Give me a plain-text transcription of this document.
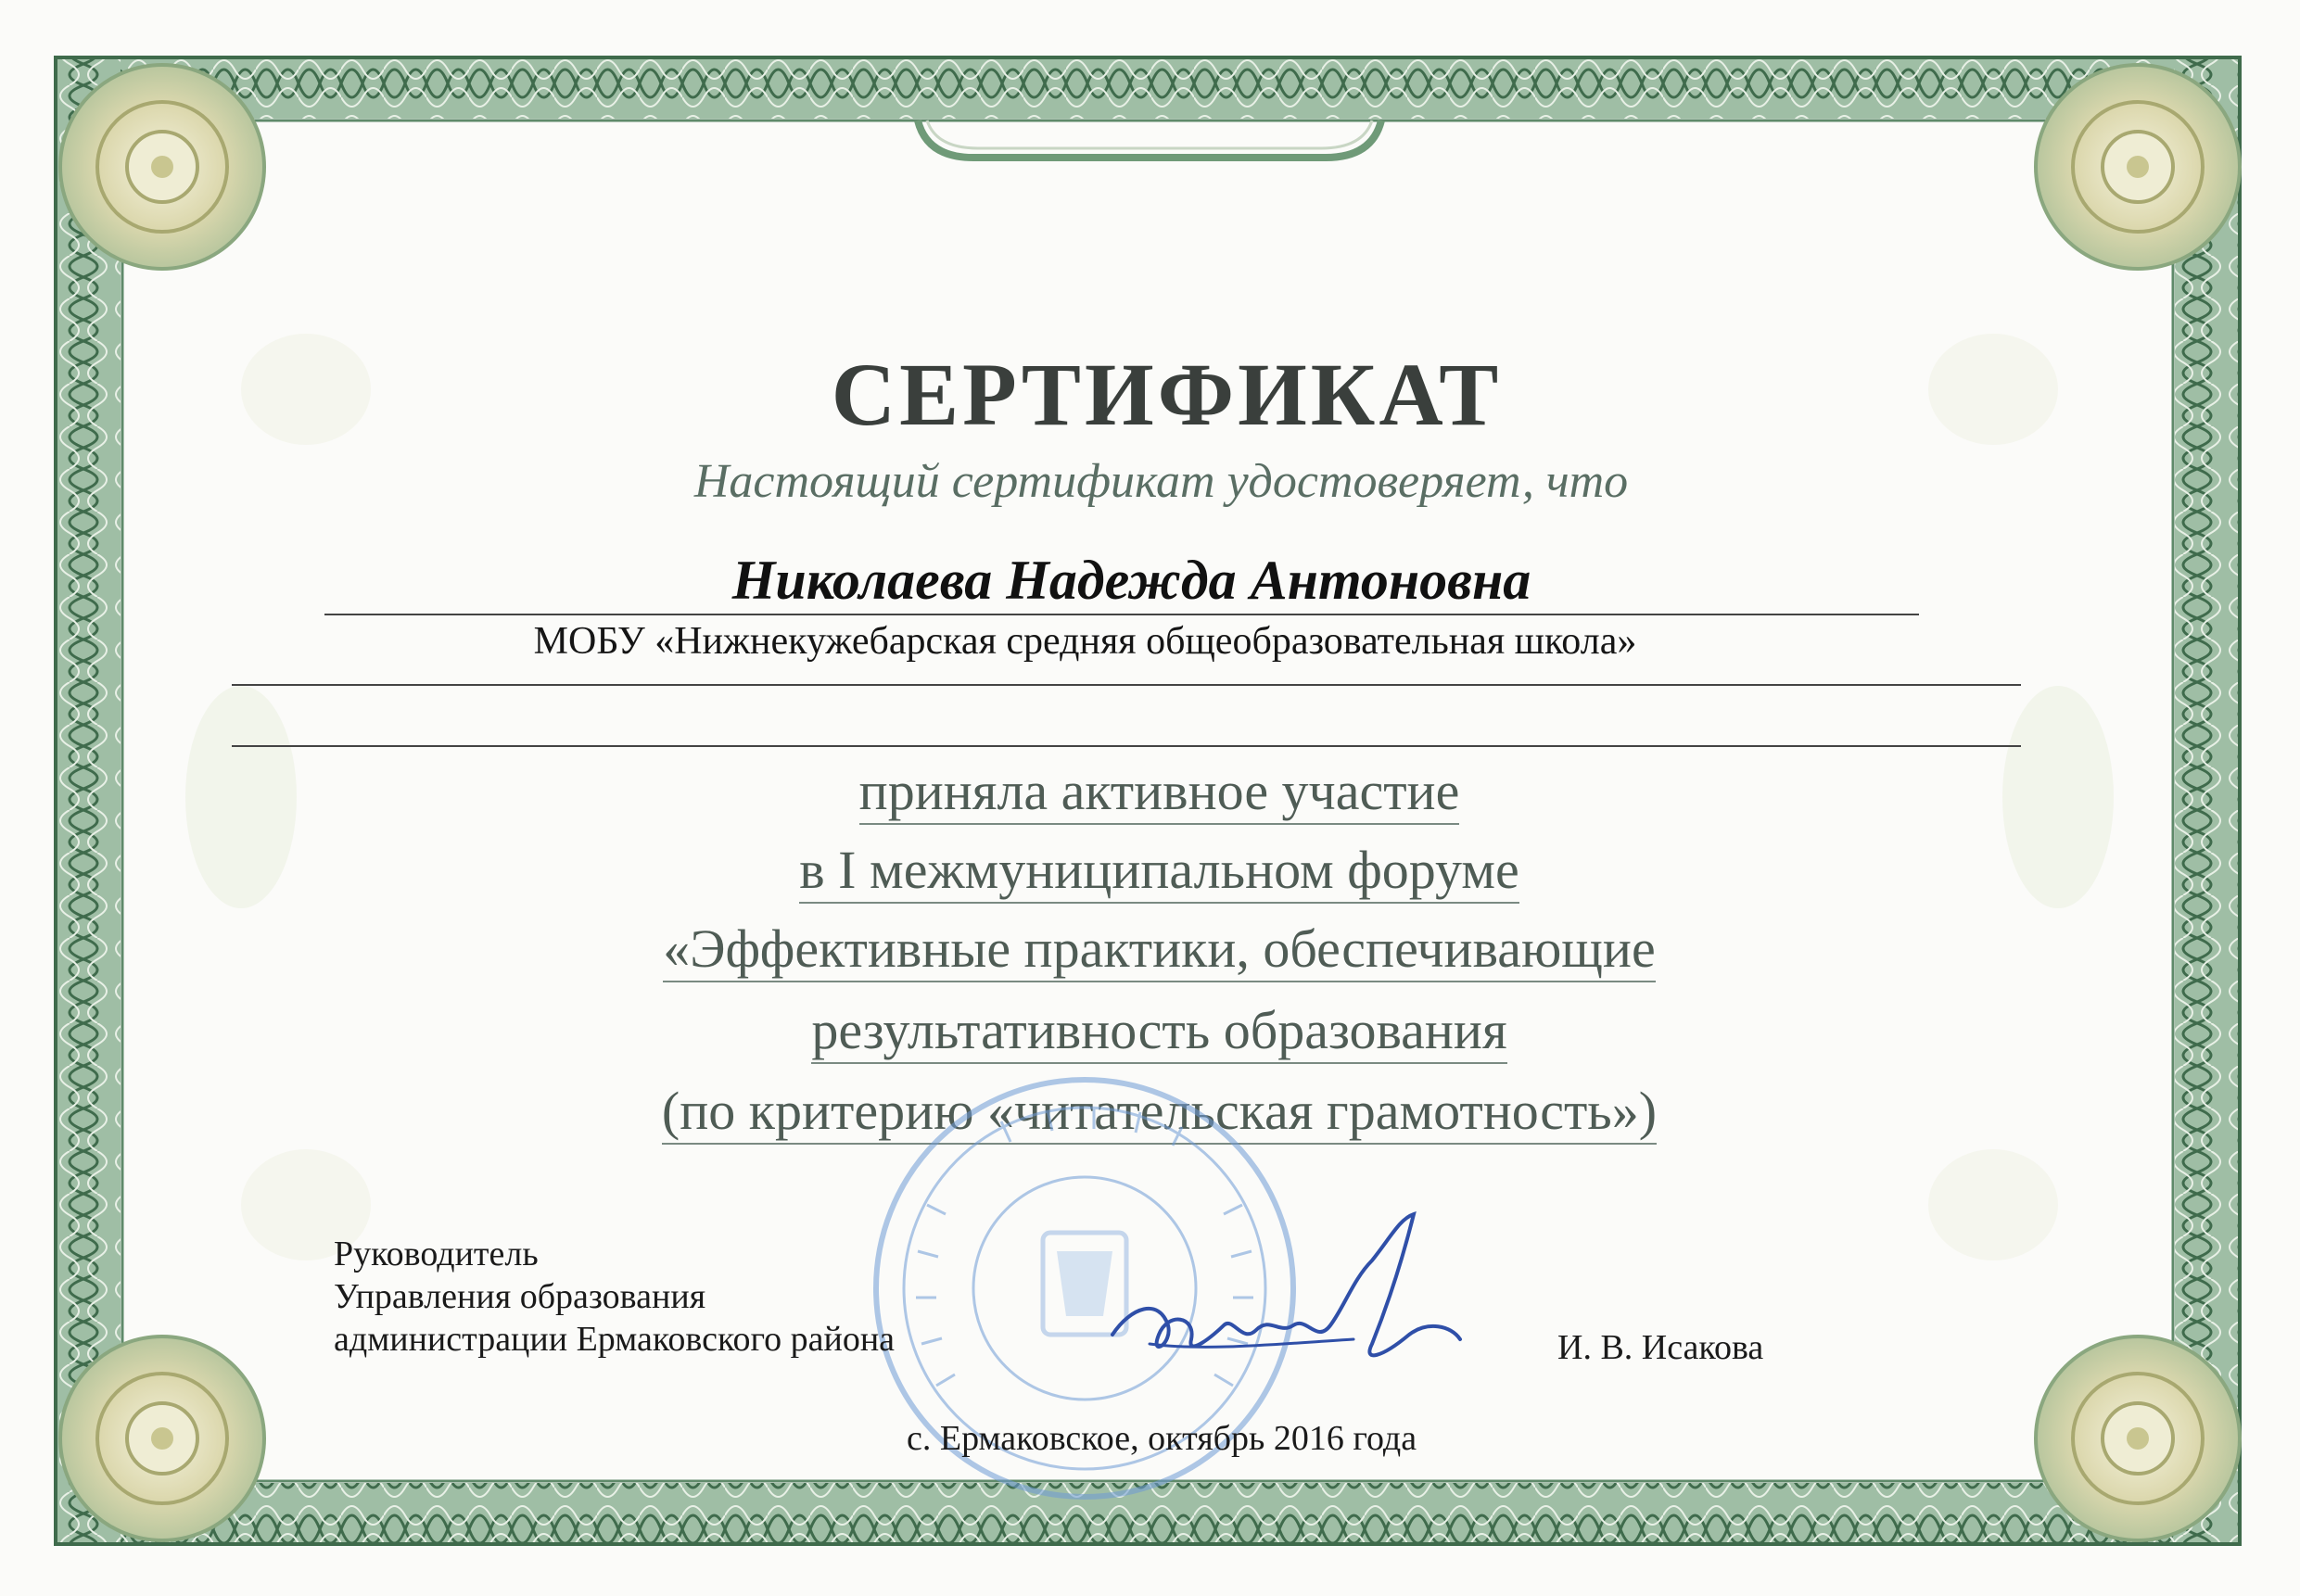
СЕРТИФИКАТ
Настоящий сертификат удостоверяет, что
Николаева Надежда Антоновна
МОБУ «Нижнекужебарская средняя общеобразовательная школа»
приняла активное участие
в I межмуниципальном форуме
«Эффективные практики, обеспечивающие
результативность образования
(по критерию «читательская грамотность»)
Руководитель
Управления образования
администрации Ермаковского района	И. В. Исакова
с. Ермаковское, октябрь 2016 года
